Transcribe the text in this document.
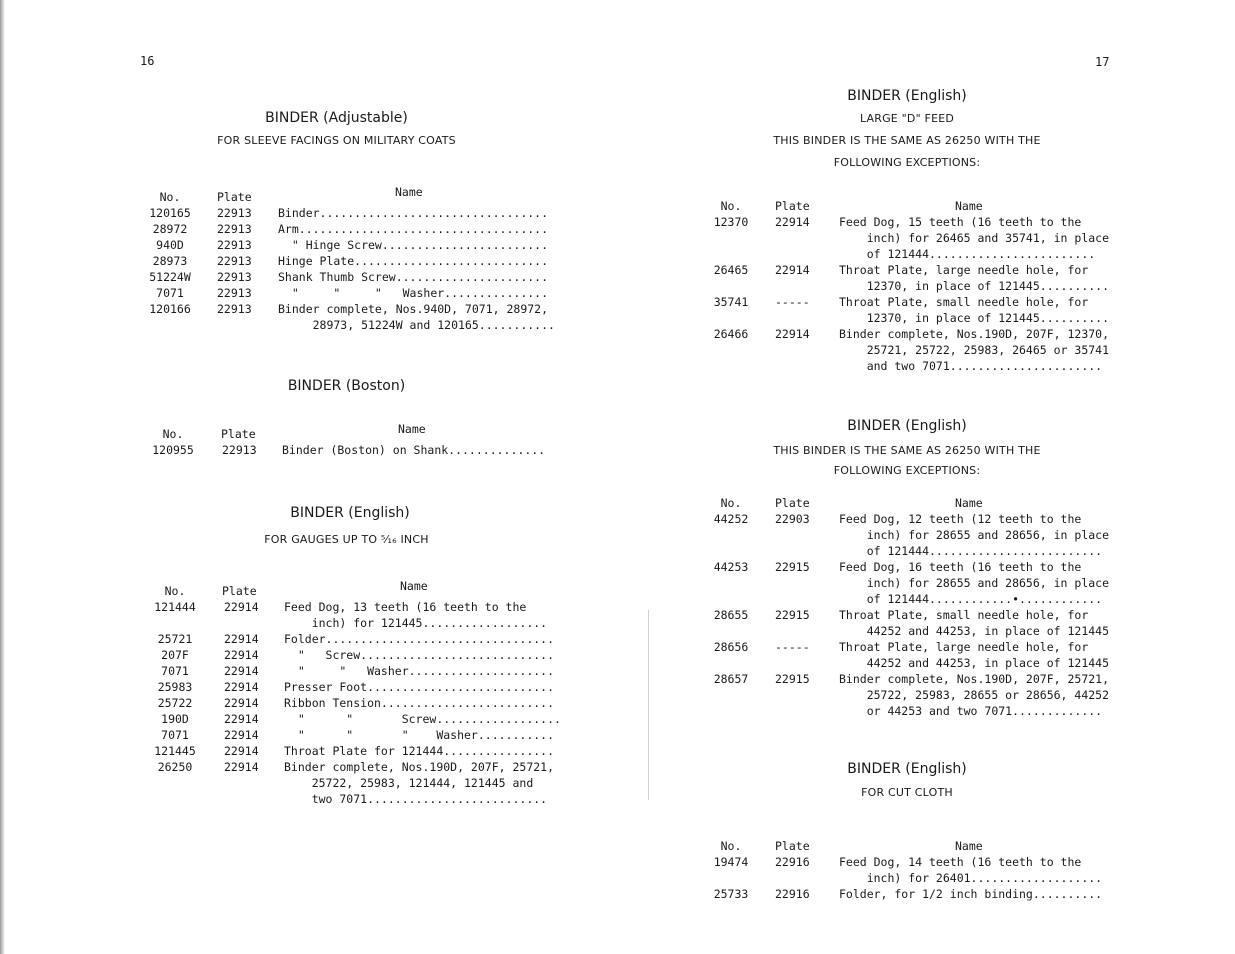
16
BINDER (Adjustable)
FOR SLEEVE FACINGS ON MILITARY COATS
No.	Plate	Name
120165	22913 Binder.................................
28972	22913 Arm....................................
940D	22913 " Hinge Screw........................
28973	22913 Hinge Plate............................
51224W	22913 Shank Thumb Screw......................
7071	22913 "     "     "   Washer...............
120166	22913 Binder complete, Nos.940D, 7071, 28972,
28973, 51224W and 120165...........
BINDER (Boston)
No.	Plate	Name
120955	22913 Binder (Boston) on Shank..............
BINDER (English)
FOR GAUGES UP TO ⁵⁄₁₆ INCH
No.	Plate	Name
121444	22914 Feed Dog, 13 teeth (16 teeth to the
inch) for 121445..................
25721	22914 Folder.................................
207F	22914 "   Screw............................
7071	22914 "     "   Washer.....................
25983	22914 Presser Foot...........................
25722	22914 Ribbon Tension.........................
190D	22914 "      "       Screw..................
7071	22914 "      "       "    Washer...........
121445	22914 Throat Plate for 121444................
26250	22914 Binder complete, Nos.190D, 207F, 25721,
25722, 25983, 121444, 121445 and
two 7071..........................
17
BINDER (English)
LARGE "D" FEED
THIS BINDER IS THE SAME AS 26250 WITH THE
FOLLOWING EXCEPTIONS:
No.	Plate	Name
12370	22914	Feed Dog, 15 teeth (16 teeth to the
inch) for 26465 and 35741, in place
of 121444........................
26465	22914	Throat Plate, large needle hole, for
12370, in place of 121445..........
35741	-----	Throat Plate, small needle hole, for
12370, in place of 121445..........
26466	22914	Binder complete, Nos.190D, 207F, 12370,
25721, 25722, 25983, 26465 or 35741
and two 7071......................
BINDER (English)
THIS BINDER IS THE SAME AS 26250 WITH THE
FOLLOWING EXCEPTIONS:
No.	Plate	Name
44252	22903	Feed Dog, 12 teeth (12 teeth to the
inch) for 28655 and 28656, in place
of 121444.........................
44253	22915	Feed Dog, 16 teeth (16 teeth to the
inch) for 28655 and 28656, in place
of 121444............•............
28655	22915	Throat Plate, small needle hole, for
44252 and 44253, in place of 121445
28656	-----	Throat Plate, large needle hole, for
44252 and 44253, in place of 121445
28657	22915	Binder complete, Nos.190D, 207F, 25721,
25722, 25983, 28655 or 28656, 44252
or 44253 and two 7071.............
BINDER (English)
FOR CUT CLOTH
No.	Plate	Name
19474	22916	Feed Dog, 14 teeth (16 teeth to the
inch) for 26401...................
25733	22916	Folder, for 1/2 inch binding..........
